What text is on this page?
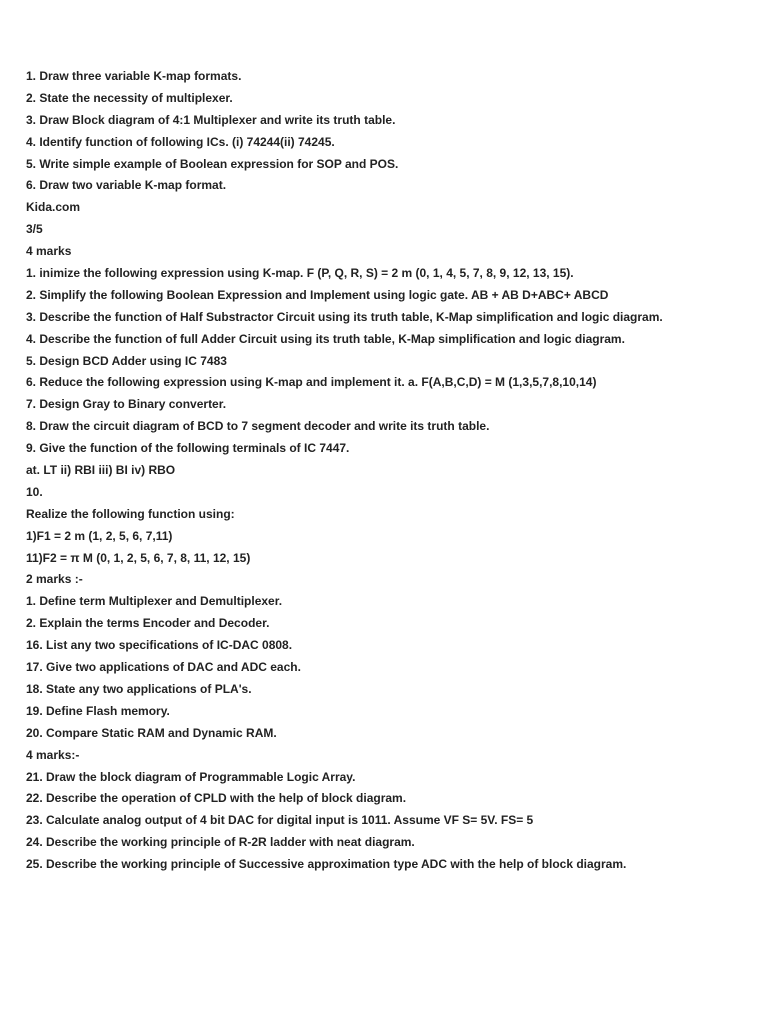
1. Draw three variable K-map formats.
2. State the necessity of multiplexer.
3. Draw Block diagram of 4:1 Multiplexer and write its truth table.
4. Identify function of following ICs. (i) 74244(ii) 74245.
5. Write simple example of Boolean expression for SOP and POS.
6. Draw two variable K-map format.
Kida.com
3/5
4 marks
1. inimize the following expression using K-map. F (P, Q, R, S) = 2 m (0, 1, 4, 5, 7, 8, 9, 12, 13, 15).
2. Simplify the following Boolean Expression and Implement using logic gate. AB + AB D+ABC+ ABCD
3. Describe the function of Half Substractor Circuit using its truth table, K-Map simplification and logic diagram.
4. Describe the function of full Adder Circuit using its truth table, K-Map simplification and logic diagram.
5. Design BCD Adder using IC 7483
6. Reduce the following expression using K-map and implement it. a. F(A,B,C,D) = M (1,3,5,7,8,10,14)
7. Design Gray to Binary converter.
8. Draw the circuit diagram of BCD to 7 segment decoder and write its truth table.
9. Give the function of the following terminals of IC 7447.
at. LT ii) RBI iii) BI iv) RBO
10.
Realize the following function using:
1)F1 = 2 m (1, 2, 5, 6, 7,11)
11)F2 = π M (0, 1, 2, 5, 6, 7, 8, 11, 12, 15)
2 marks :-
1. Define term Multiplexer and Demultiplexer.
2. Explain the terms Encoder and Decoder.
16. List any two specifications of IC-DAC 0808.
17. Give two applications of DAC and ADC each.
18. State any two applications of PLA's.
19. Define Flash memory.
20. Compare Static RAM and Dynamic RAM.
4 marks:-
21. Draw the block diagram of Programmable Logic Array.
22. Describe the operation of CPLD with the help of block diagram.
23. Calculate analog output of 4 bit DAC for digital input is 1011. Assume VF S= 5V. FS= 5
24. Describe the working principle of R-2R ladder with neat diagram.
25. Describe the working principle of Successive approximation type ADC with the help of block diagram.
